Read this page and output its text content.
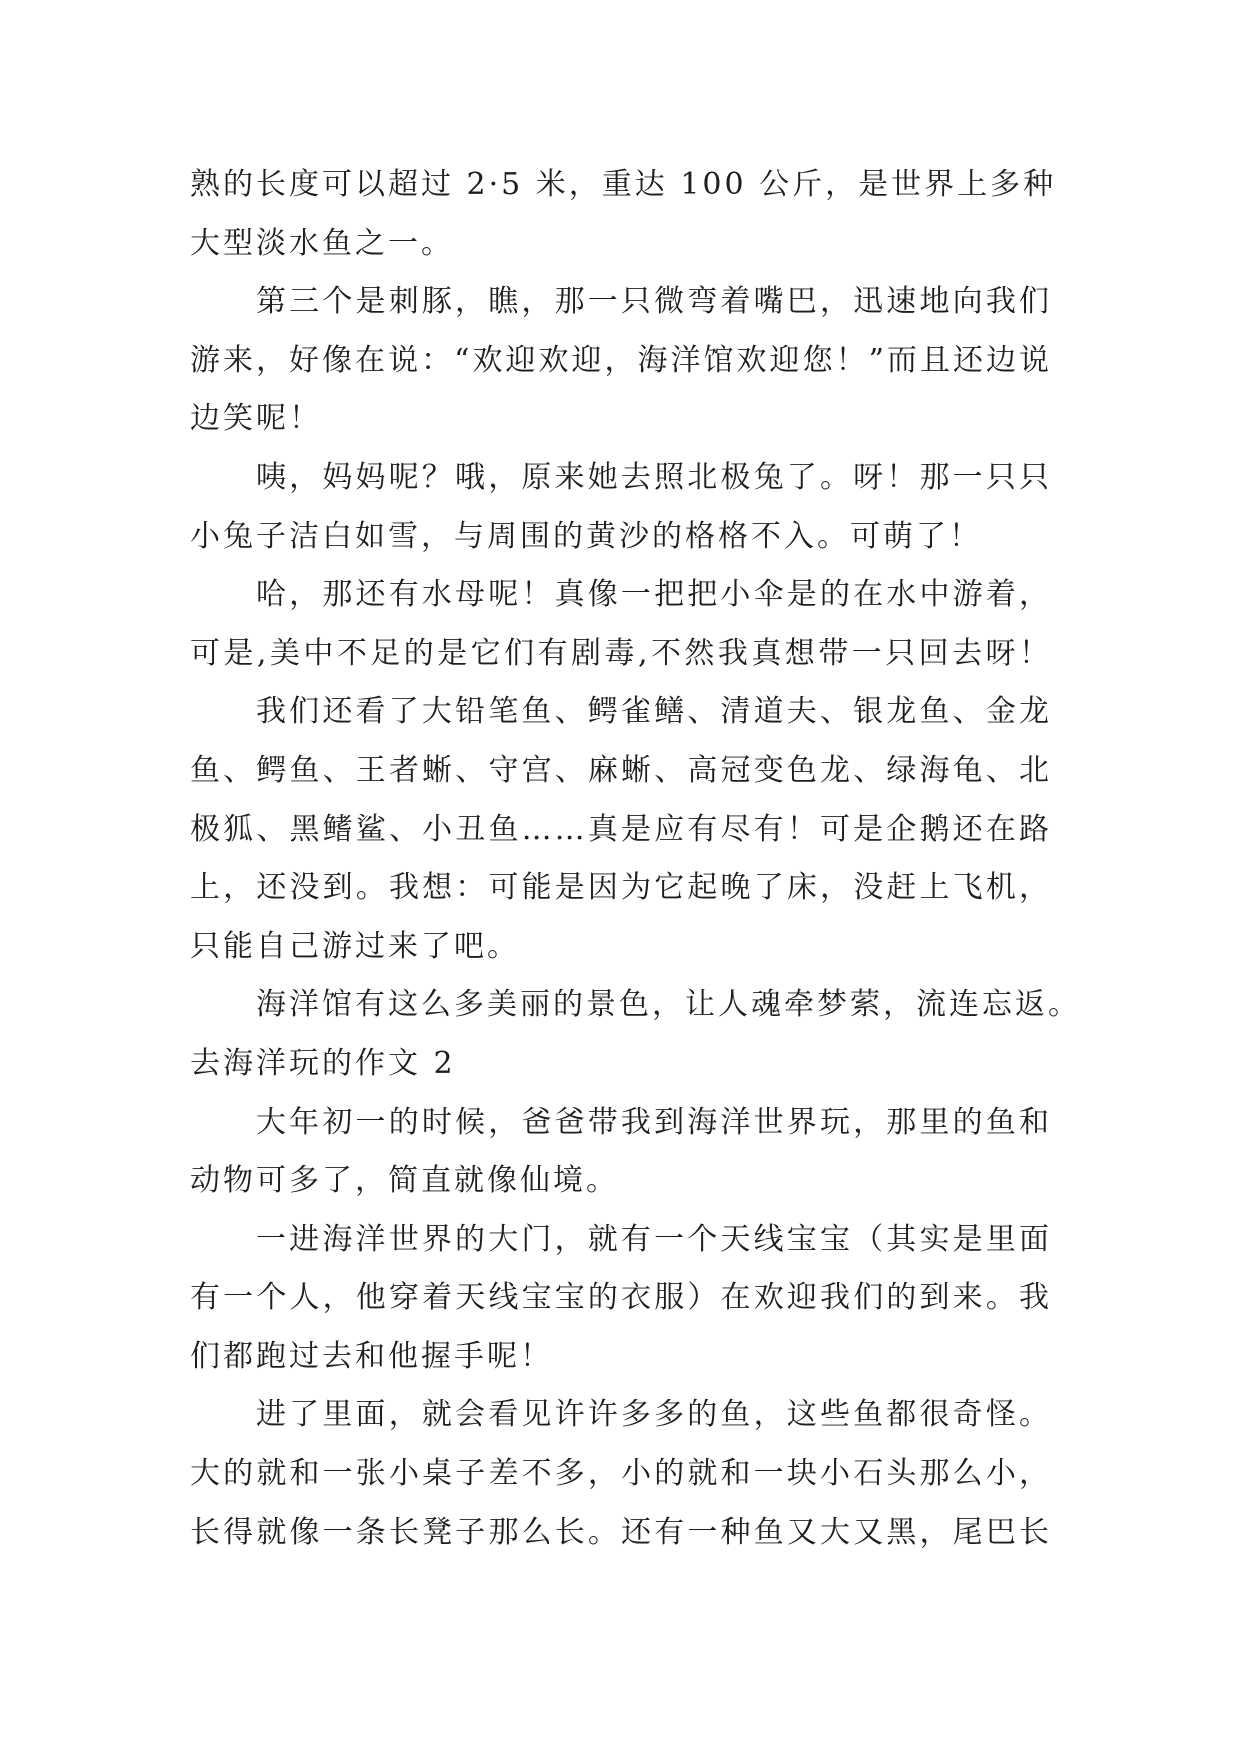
熟的长度可以超过 2·5 米，重达 100 公斤，是世界上多种
大型淡水鱼之一。
第三个是刺豚，瞧，那一只微弯着嘴巴，迅速地向我们
游来，好像在说：“欢迎欢迎，海洋馆欢迎您！”而且还边说
边笑呢！
咦，妈妈呢？哦，原来她去照北极兔了。呀！那一只只
小兔子洁白如雪，与周围的黄沙的格格不入。可萌了！
哈，那还有水母呢！真像一把把小伞是的在水中游着，
可是,美中不足的是它们有剧毒,不然我真想带一只回去呀！
我们还看了大铅笔鱼、鳄雀鳝、清道夫、银龙鱼、金龙
鱼、鳄鱼、王者蜥、守宫、麻蜥、高冠变色龙、绿海龟、北
极狐、黑鳍鲨、小丑鱼……真是应有尽有！可是企鹅还在路
上，还没到。我想：可能是因为它起晚了床，没赶上飞机，
只能自己游过来了吧。
海洋馆有这么多美丽的景色，让人魂牵梦萦，流连忘返。
去海洋玩的作文 2
大年初一的时候，爸爸带我到海洋世界玩，那里的鱼和
动物可多了，简直就像仙境。
一进海洋世界的大门，就有一个天线宝宝（其实是里面
有一个人，他穿着天线宝宝的衣服）在欢迎我们的到来。我
们都跑过去和他握手呢！
进了里面，就会看见许许多多的鱼，这些鱼都很奇怪。
大的就和一张小桌子差不多，小的就和一块小石头那么小，
长得就像一条长凳子那么长。还有一种鱼又大又黑，尾巴长
